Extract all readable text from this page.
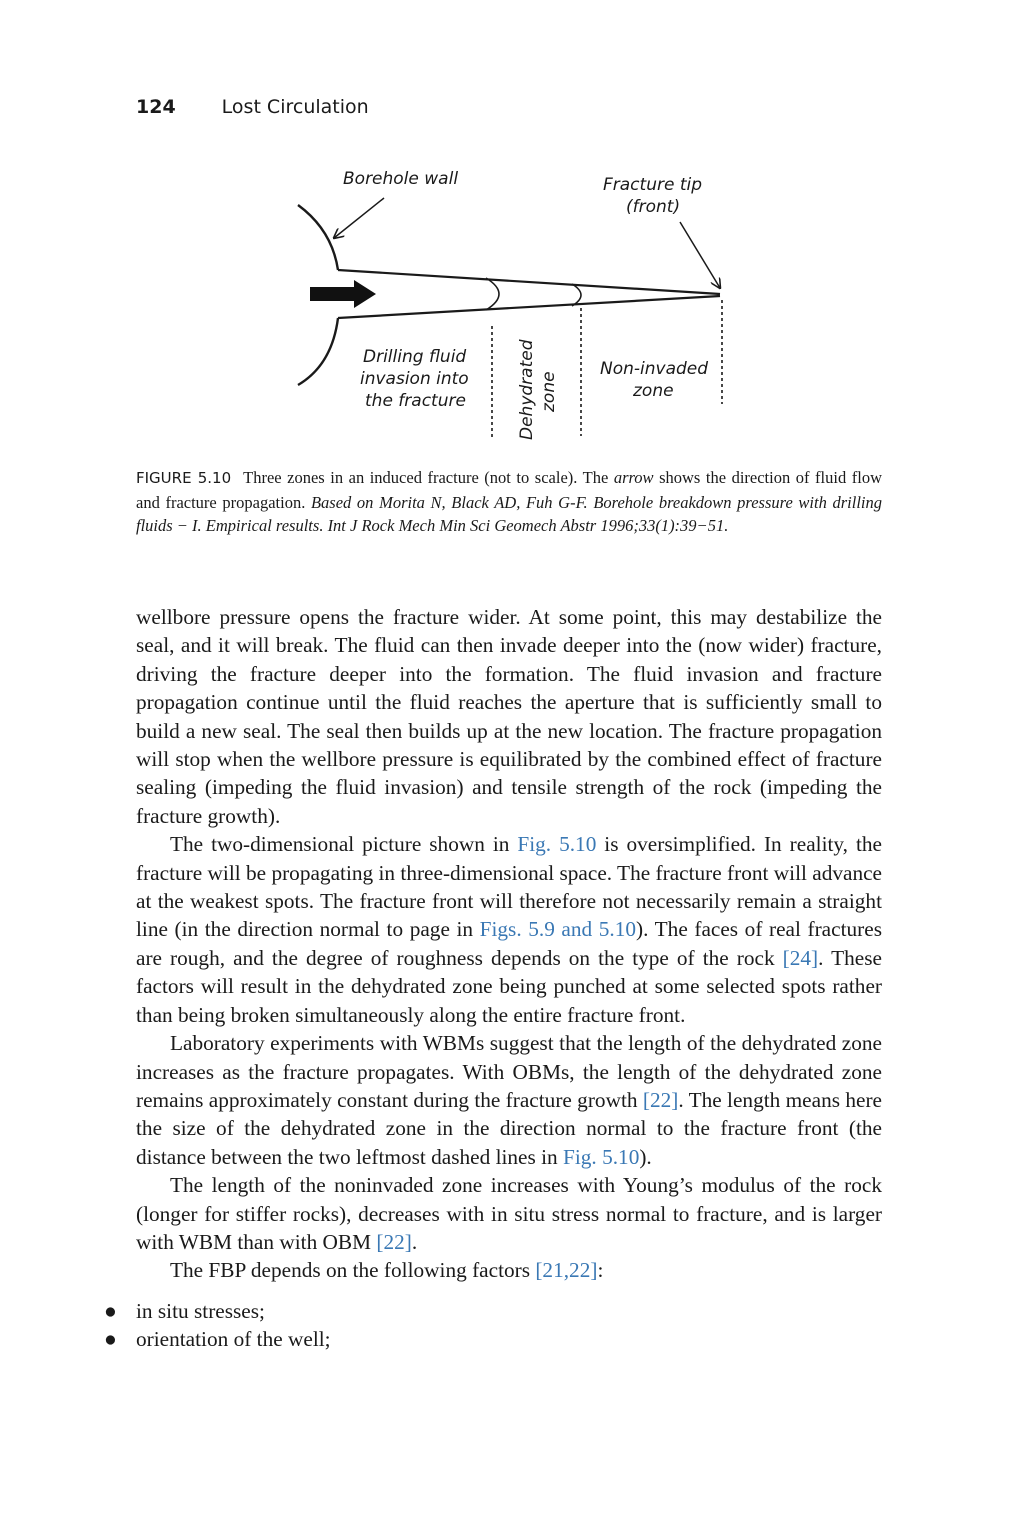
124 Lost Circulation
Borehole wall	Fracture tip
(front)
Drilling fluid
invasion into
the fracture	Dehydrated zone
Non-invaded
zone
FIGURE 5.10 Three zones in an induced fracture (not to scale). The arrow shows the direction of fluid flow and fracture propagation. Based on Morita N, Black AD, Fuh G-F. Borehole breakdown pressure with drilling fluids − I. Empirical results. Int J Rock Mech Min Sci Geomech Abstr 1996;33(1):39−51.

wellbore pressure opens the fracture wider. At some point, this may destabilize the seal, and it will break. The fluid can then invade deeper into the (now wider) fracture, driving the fracture deeper into the formation. The fluid invasion and fracture propagation continue until the fluid reaches the aperture that is sufficiently small to build a new seal. The seal then builds up at the new location. The fracture propagation will stop when the wellbore pressure is equilibrated by the combined effect of fracture sealing (impeding the fluid invasion) and tensile strength of the rock (impeding the fracture growth).

The two-dimensional picture shown in Fig. 5.10 is oversimplified. In reality, the fracture will be propagating in three-dimensional space. The fracture front will advance at the weakest spots. The fracture front will therefore not necessarily remain a straight line (in the direction normal to page in Figs. 5.9 and 5.10). The faces of real fractures are rough, and the degree of roughness depends on the type of the rock [24]. These factors will result in the dehydrated zone being punched at some selected spots rather than being broken simultaneously along the entire fracture front.

Laboratory experiments with WBMs suggest that the length of the dehydrated zone increases as the fracture propagates. With OBMs, the length of the dehydrated zone remains approximately constant during the fracture growth [22]. The length means here the size of the dehydrated zone in the direction normal to the fracture front (the distance between the two leftmost dashed lines in Fig. 5.10).

The length of the noninvaded zone increases with Young’s modulus of the rock (longer for stiffer rocks), decreases with in situ stress normal to fracture, and is larger with WBM than with OBM [22].

The FBP depends on the following factors [21,22]:

● in situ stresses;
● orientation of the well;
